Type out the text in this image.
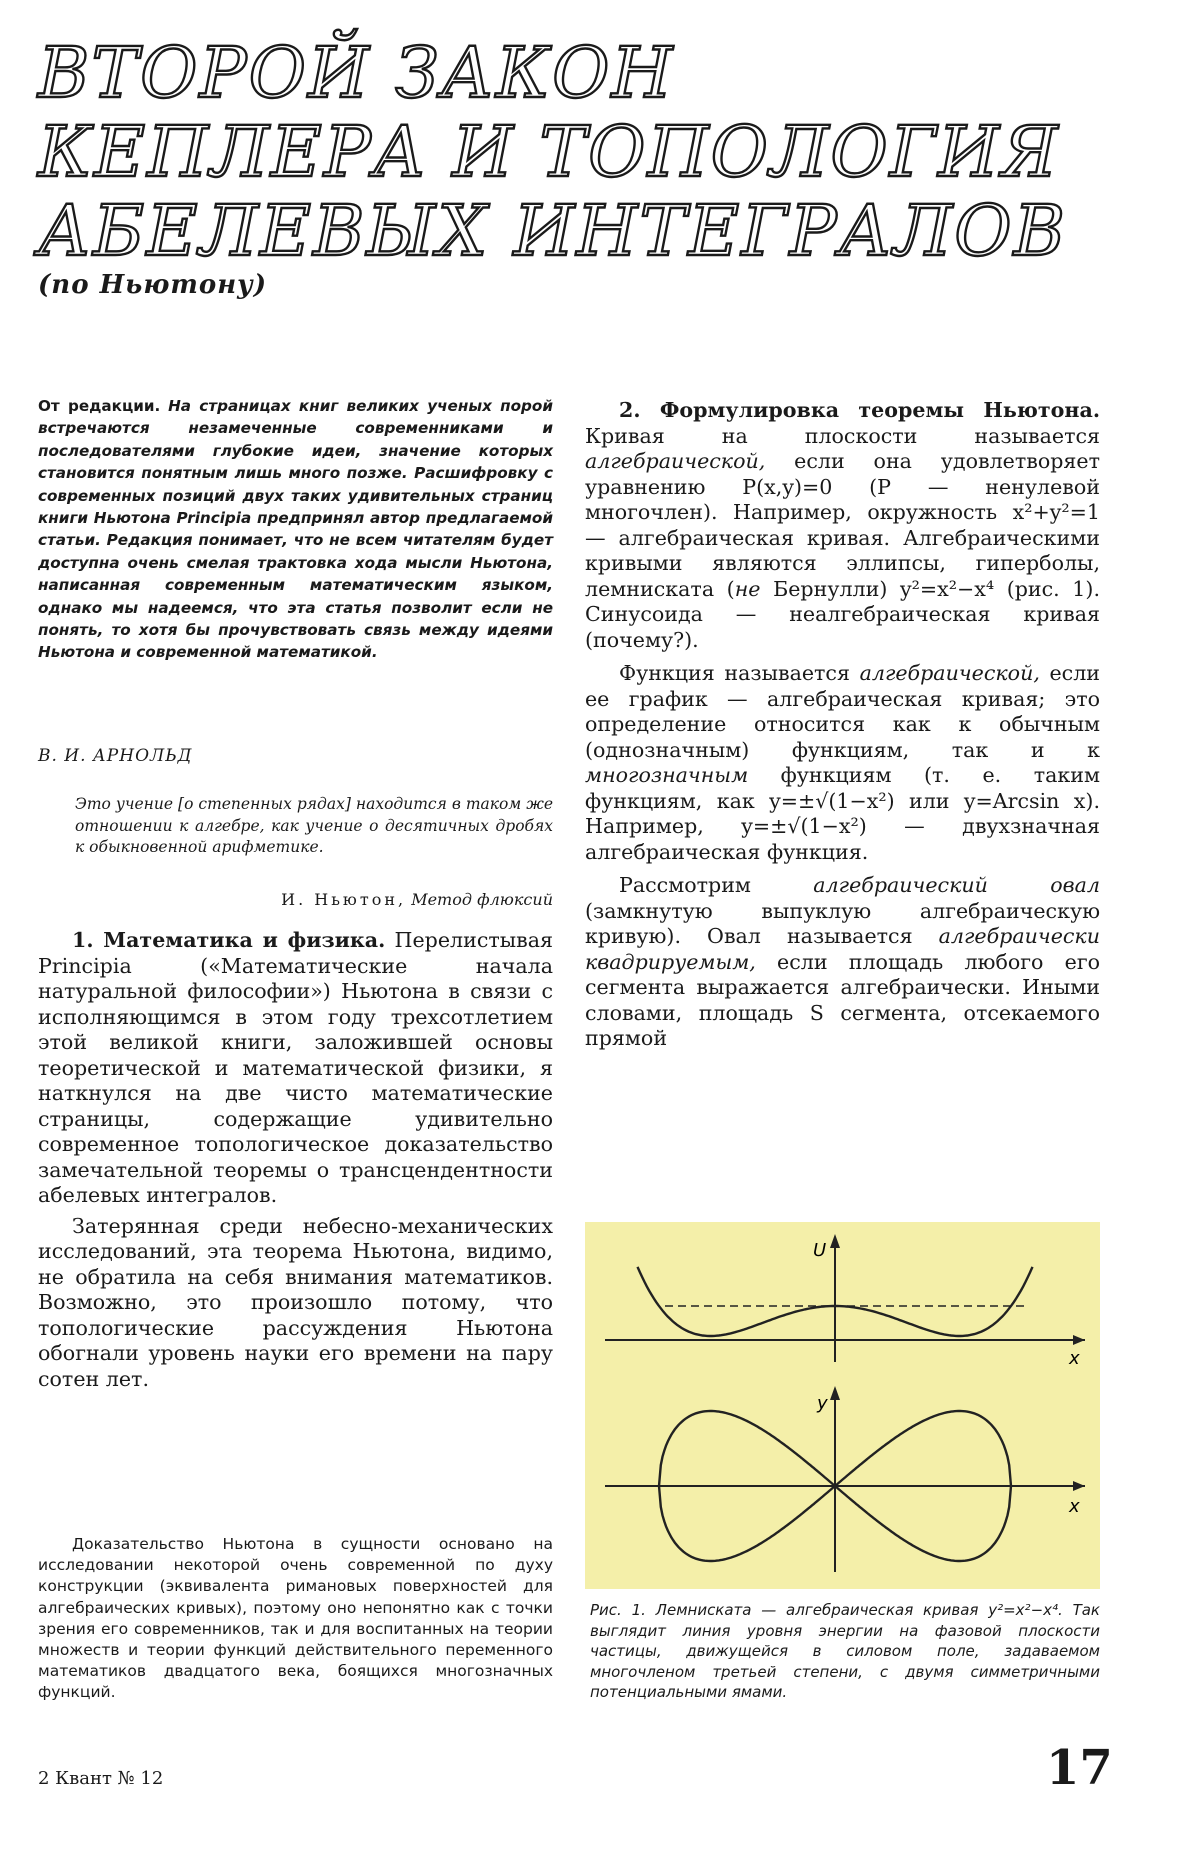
ВТОРОЙ ЗАКОН
КЕПЛЕРА И ТОПОЛОГИЯ
АБЕЛЕВЫХ ИНТЕГРАЛОВ
(по Ньютону)

От редакции. На страницах книг великих ученых порой встречаются незамеченные современниками и последователями глубокие идеи, значение которых становится понятным лишь много позже. Расшифровку с современных позиций двух таких удивительных страниц книги Ньютона Principia предпринял автор предлагаемой статьи. Редакция понимает, что не всем читателям будет доступна очень смелая трактовка хода мысли Ньютона, написанная современным математическим языком, однако мы надеемся, что эта статья позволит если не понять, то хотя бы прочувствовать связь между идеями Ньютона и современной математикой.

В. И. АРНОЛЬД

Это учение [о степенных рядах] находится в таком же отношении к алгебре, как учение о десятичных дробях к обыкновенной арифметике.

И. Ньютон, Метод флюксий

1. Математика и физика. Перелистывая Principia («Математические начала натуральной философии») Ньютона в связи с исполняющимся в этом году трехсотлетием этой великой книги, заложившей основы теоретической и математической физики, я наткнулся на две чисто математические страницы, содержащие удивительно современное топологическое доказательство замечательной теоремы о трансцендентности абелевых интегралов.

Затерянная среди небесно-механических исследований, эта теорема Ньютона, видимо, не обратила на себя внимания математиков. Возможно, это произошло потому, что топологические рассуждения Ньютона обогнали уровень науки его времени на пару сотен лет.

Доказательство Ньютона в сущности основано на исследовании некоторой очень современной по духу конструкции (эквивалента римановых поверхностей для алгебраических кривых), поэтому оно непонятно как с точки зрения его современников, так и для воспитанных на теории множеств и теории функций действительного переменного математиков двадцатого века, боящихся многозначных функций.

2. Формулировка теоремы Ньютона. Кривая на плоскости называется алгебраической, если она удовлетворяет уравнению P(x,y)=0 (P — ненулевой многочлен). Например, окружность x²+y²=1 — алгебраическая кривая. Алгебраическими кривыми являются эллипсы, гиперболы, лемниската (не Бернулли) y²=x²−x⁴ (рис. 1). Синусоида — неалгебраическая кривая (почему?).

Функция называется алгебраической, если ее график — алгебраическая кривая; это определение относится как к обычным (однозначным) функциям, так и к многозначным функциям (т. е. таким функциям, как y=±√(1−x²) или y=Arcsin x). Например, y=±√(1−x²) — двухзначная алгебраическая функция.

Рассмотрим	алгебраический овал (замкнутую выпуклую алгебраическую кривую). Овал называется алгебраически квадрируемым, если площадь любого его сегмента выражается алгебраически. Иными словами, площадь S сегмента, отсекаемого прямой

U
x
y
x
Рис. 1. Лемниската — алгебраическая кривая y²=x²−x⁴. Так выглядит линия уровня энергии на фазовой плоскости частицы, движущейся в силовом поле, задаваемом многочленом третьей степени, с двумя симметричными потенциальными ямами.
2 Квант № 12	17
